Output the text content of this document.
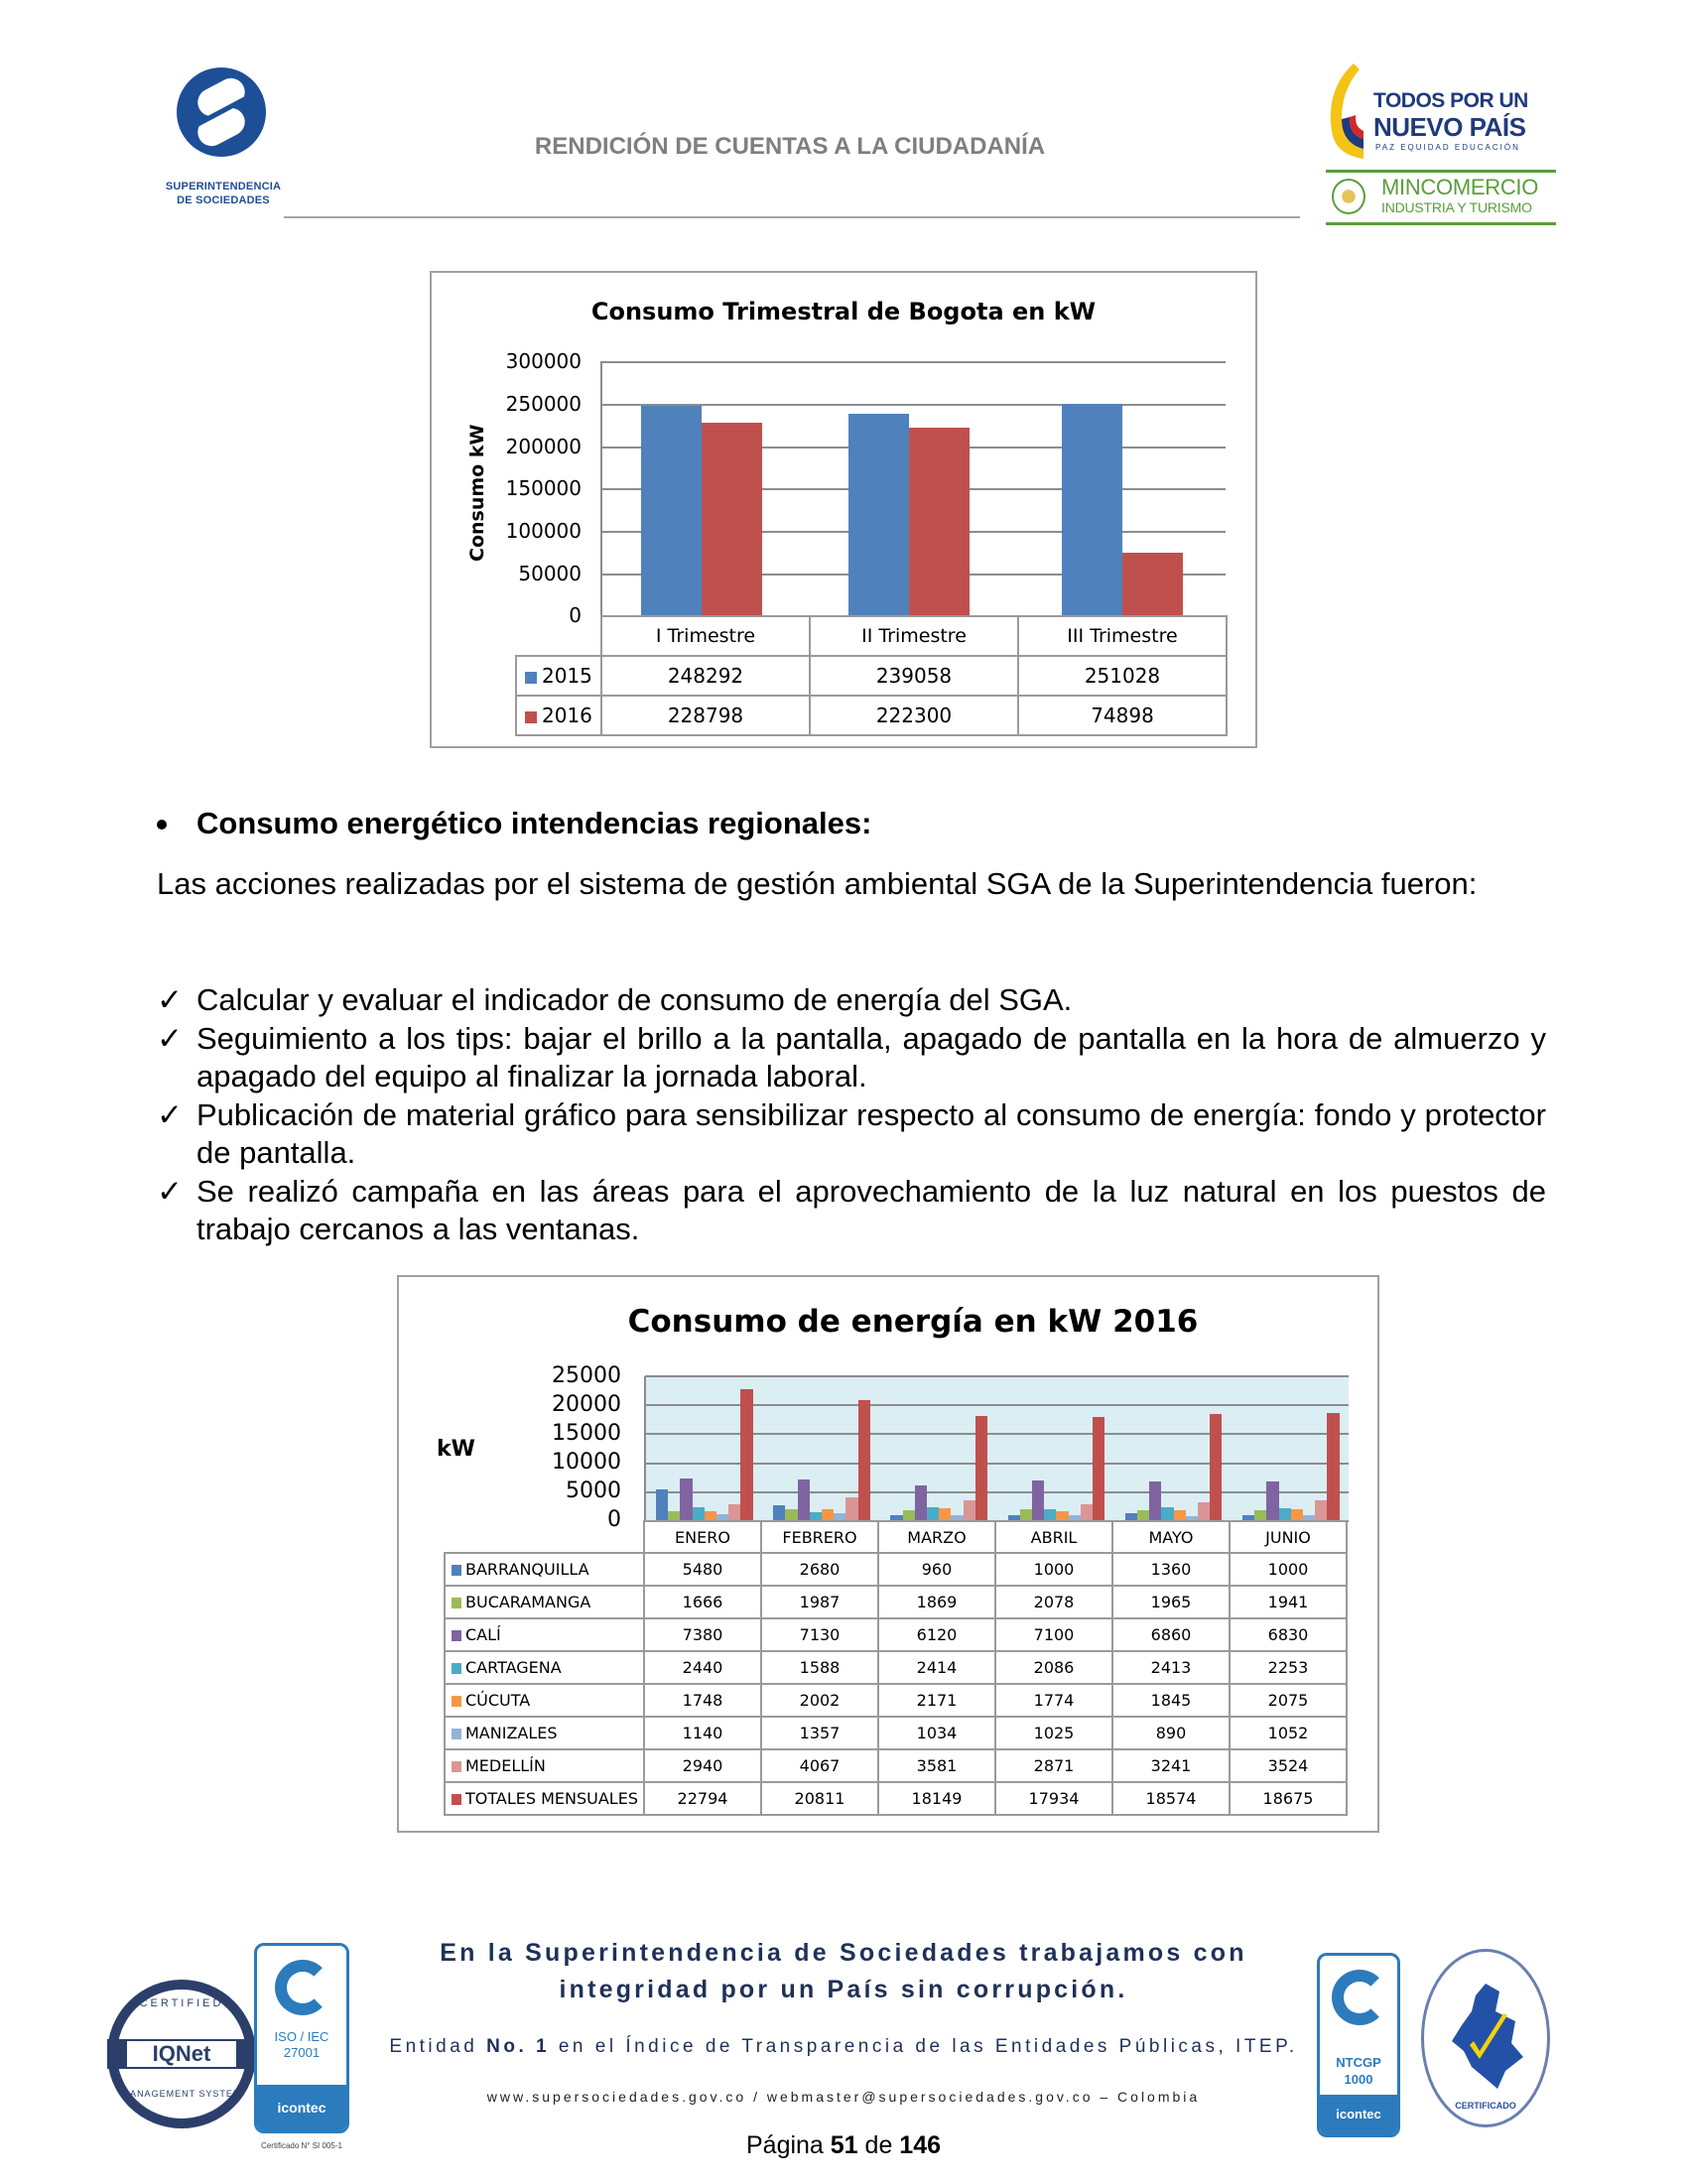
SUPERINTENDENCIA
DE SOCIEDADES
RENDICIÓN DE CUENTAS A LA CIUDADANÍA
TODOS POR UN
NUEVO PAÍS
PAZ EQUIDAD EDUCACIÓN
MINCOMERCIO
INDUSTRIA Y TURISMO
Consumo Trimestral de Bogota en kW
300000
250000
200000
150000
100000
50000
0
	I Trimestre	II Trimestre	III Trimestre
2015	248292	239058	251028
2016	228798	222300	74898
Consumo energético intendencias regionales:
Las acciones realizadas por el sistema de gestión ambiental SGA de la Superintendencia fueron:
✓ Calcular y evaluar el indicador de consumo de energía del SGA.
✓ Seguimiento a los tips: bajar el brillo a la pantalla, apagado de pantalla en la hora de almuerzo y apagado del equipo al finalizar la jornada laboral.
✓ Publicación de material gráfico para sensibilizar respecto al consumo de energía: fondo y protector de pantalla.
✓ Se realizó campaña en las áreas para el aprovechamiento de la luz natural en los puestos de trabajo cercanos a las ventanas.
Consumo de energía en kW 2016
kW
25000
20000
15000
10000
5000
0
	ENERO	FEBRERO	MARZO	ABRIL	MAYO	JUNIO
BARRANQUILLA	5480	2680	960	1000	1360	1000
BUCARAMANGA	1666	1987	1869	2078	1965	1941
CALÍ	7380	7130	6120	7100	6860	6830
CARTAGENA	2440	1588	2414	2086	2413	2253
CÚCUTA	1748	2002	2171	1774	1845	2075
MANIZALES	1140	1357	1034	1025	890	1052
MEDELLÍN	2940	4067	3581	2871	3241	3524
TOTALES MENSUALES	22794	20811	18149	17934	18574	18675
IQNet
CERTIFIED
MANAGEMENT SYSTEM
ISO / IEC
27001
icontec
Certificado N° SI 005-1
En la Superintendencia de Sociedades trabajamos con
integridad por un País sin corrupción.
Entidad No. 1 en el Índice de Transparencia de las Entidades Públicas, ITEP.
www.supersociedades.gov.co / webmaster@supersociedades.gov.co – Colombia
Página 51 de 146
NTCGP
1000
icontec
CERTIFICADO
